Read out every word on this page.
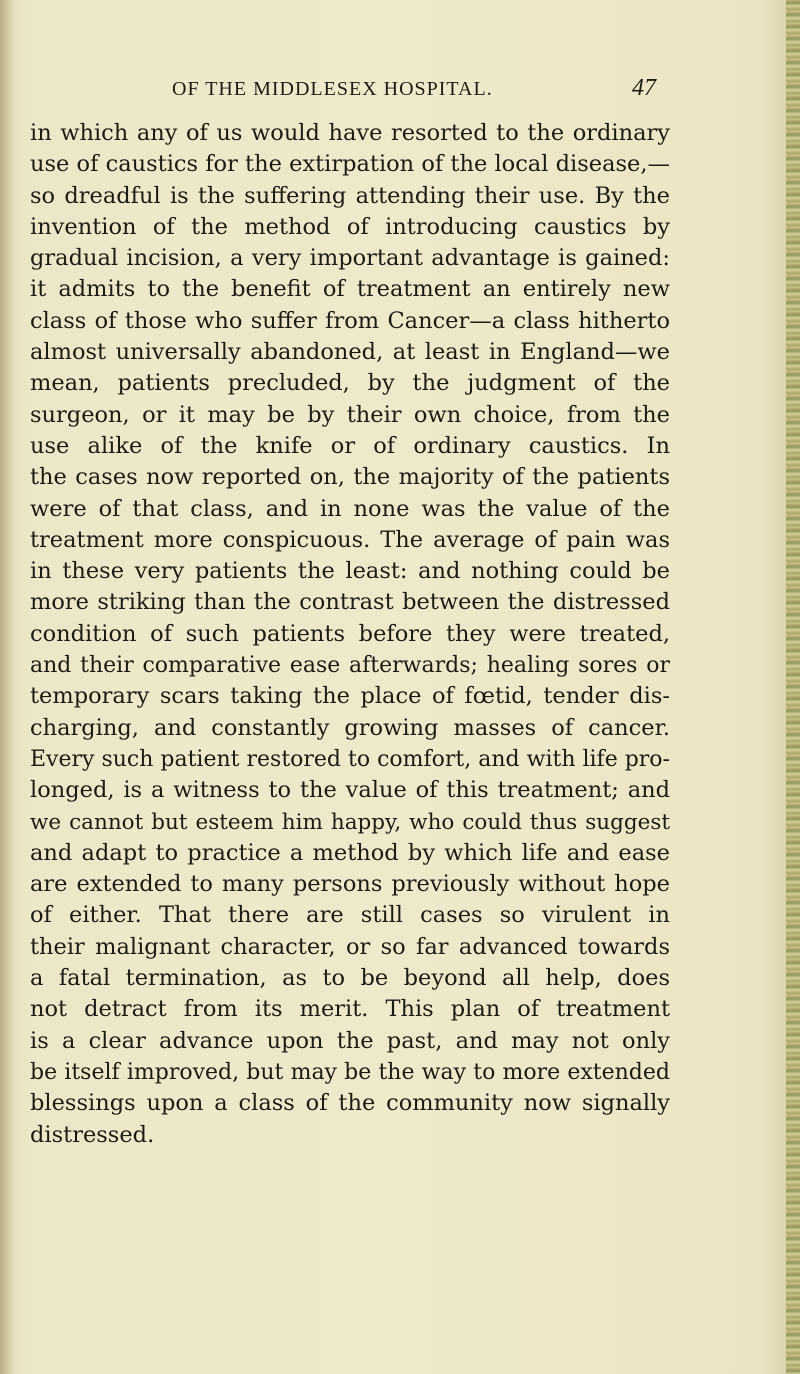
OF THE MIDDLESEX HOSPITAL.	47
in which any of us would have resorted to the ordinary
use of caustics for the extirpation of the local disease,—
so dreadful is the suffering attending their use. By the
invention of the method of introducing caustics by
gradual incision, a very important advantage is gained:
it admits to the benefit of treatment an entirely new
class of those who suffer from Cancer—a class hitherto
almost universally abandoned, at least in England—we
mean, patients precluded, by the judgment of the
surgeon, or it may be by their own choice, from the
use alike of the knife or of ordinary caustics. In
the cases now reported on, the majority of the patients
were of that class, and in none was the value of the
treatment more conspicuous. The average of pain was
in these very patients the least: and nothing could be
more striking than the contrast between the distressed
condition of such patients before they were treated,
and their comparative ease afterwards; healing sores or
temporary scars taking the place of fœtid, tender dis-
charging, and constantly growing masses of cancer.
Every such patient restored to comfort, and with life pro-
longed, is a witness to the value of this treatment; and
we cannot but esteem him happy, who could thus suggest
and adapt to practice a method by which life and ease
are extended to many persons previously without hope
of either. That there are still cases so virulent in
their malignant character, or so far advanced towards
a fatal termination, as to be beyond all help, does
not detract from its merit. This plan of treatment
is a clear advance upon the past, and may not only
be itself improved, but may be the way to more extended
blessings upon a class of the community now signally
distressed.
